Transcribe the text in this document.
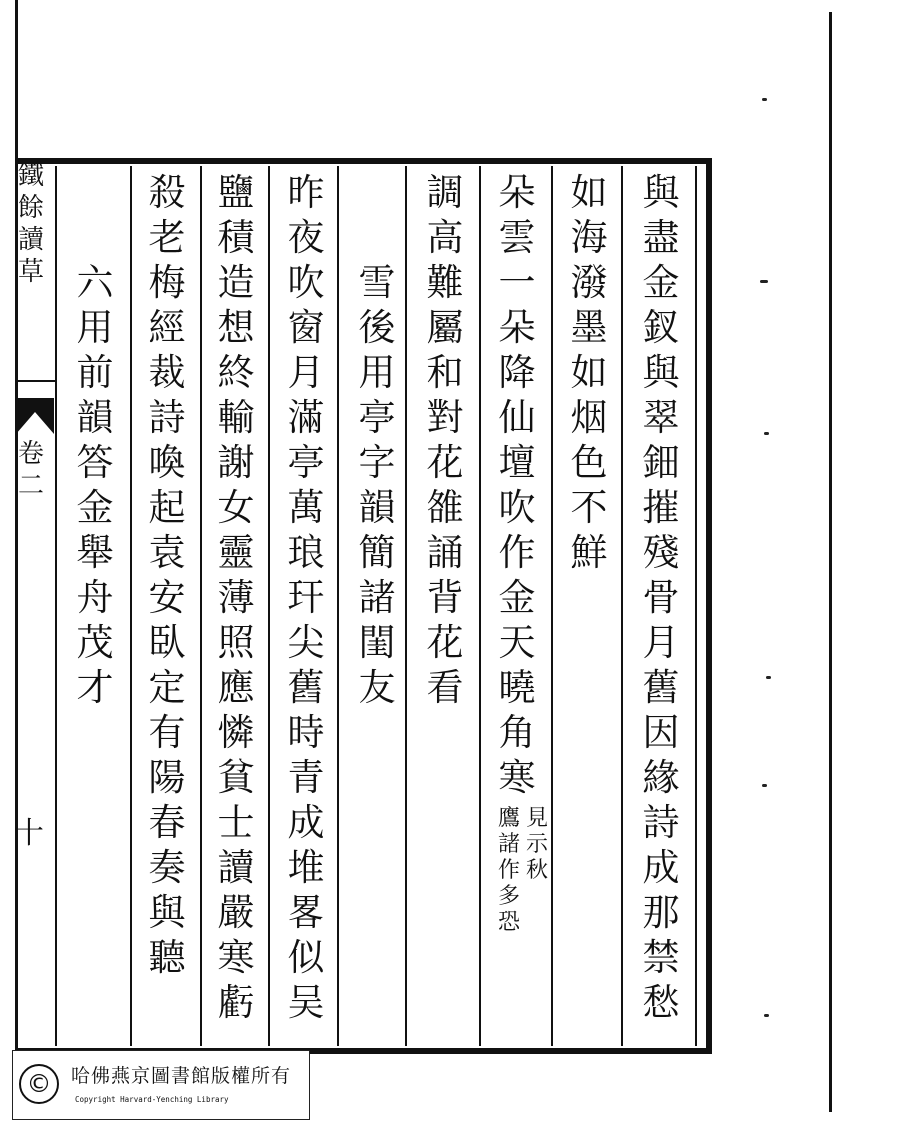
鐵
餘
讀
草
卷
二
十
與
盡
金
釵
與
翠
鈿
摧
殘
骨
月
舊
因
緣
詩
成
那
禁
愁
如
海
潑
墨
如
烟
色
不
鮮
朵
雲
一
朵
降
仙
壇
吹
作
金
天
曉
角
寒
見
示
秋
鷹
諸
作
多
恐
調
高
難
屬
和
對
花
雒
誦
背
花
看
雪
後
用
亭
字
韻
簡
諸
閨
友
昨
夜
吹
窗
月
滿
亭
萬
琅
玕
尖
舊
時
青
成
堆
畧
似
吴
鹽
積
造
想
終
輸
謝
女
靈
薄
照
應
憐
貧
士
讀
嚴
寒
虧
殺
老
梅
經
裁
詩
喚
起
袁
安
臥
定
有
陽
春
奏
與
聽
六
用
前
韻
答
金
舉
舟
茂
才
©	哈佛燕京圖書館版權所有
Copyright Harvard-Yenching Library
